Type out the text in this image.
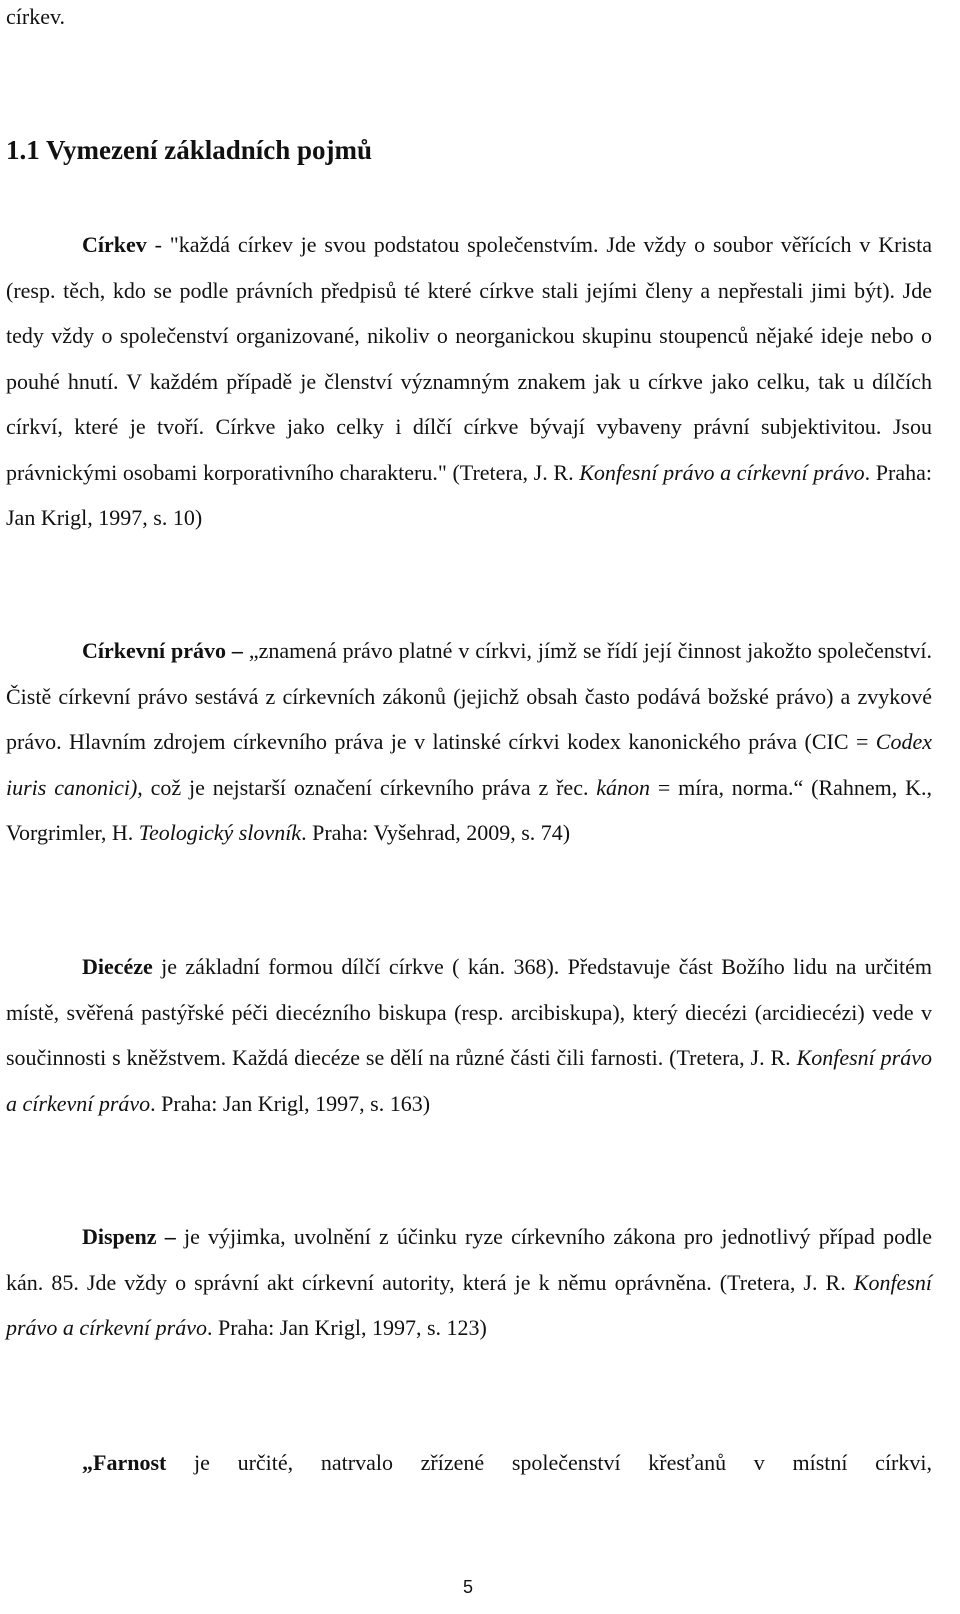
církev.
1.1 Vymezení základních pojmů

Církev - "každá církev je svou podstatou společenstvím. Jde vždy o soubor věřících v Krista (resp. těch, kdo se podle právních předpisů té které církve stali jejími členy a nepřestali jimi být). Jde tedy vždy o společenství organizované, nikoliv o neorganickou skupinu stoupenců nějaké ideje nebo o pouhé hnutí. V každém případě je členství významným znakem jak u církve jako celku, tak u dílčích církví, které je tvoří. Církve jako celky i dílčí církve bývají vybaveny právní subjektivitou. Jsou právnickými osobami korporativního charakteru." (Tretera, J. R. Konfesní právo a církevní právo. Praha: Jan Krigl, 1997, s. 10)

Církevní právo – „znamená právo platné v církvi, jímž se řídí její činnost jakožto společenství. Čistě církevní právo sestává z církevních zákonů (jejichž obsah často podává božské právo) a zvykové právo. Hlavním zdrojem církevního práva je v latinské církvi kodex kanonického práva (CIC = Codex iuris canonici), což je nejstarší označení církevního práva z řec. kánon = míra, norma.“ (Rahnem, K., Vorgrimler, H. Teologický slovník. Praha: Vyšehrad, 2009, s. 74)

Diecéze je základní formou dílčí církve ( kán. 368). Představuje část Božího lidu na určitém místě, svěřená pastýřské péči diecézního biskupa (resp. arcibiskupa), který diecézi (arcidiecézi) vede v součinnosti s kněžstvem. Každá diecéze se dělí na různé části čili farnosti. (Tretera, J. R. Konfesní právo a církevní právo. Praha: Jan Krigl, 1997, s. 163)

Dispenz – je výjimka, uvolnění z účinku ryze církevního zákona pro jednotlivý případ podle kán. 85. Jde vždy o správní akt církevní autority, která je k němu oprávněna. (Tretera, J. R. Konfesní právo a církevní právo. Praha: Jan Krigl, 1997, s. 123)

„Farnost je určité, natrvalo zřízené společenství křesťanů v místní církvi,

5
